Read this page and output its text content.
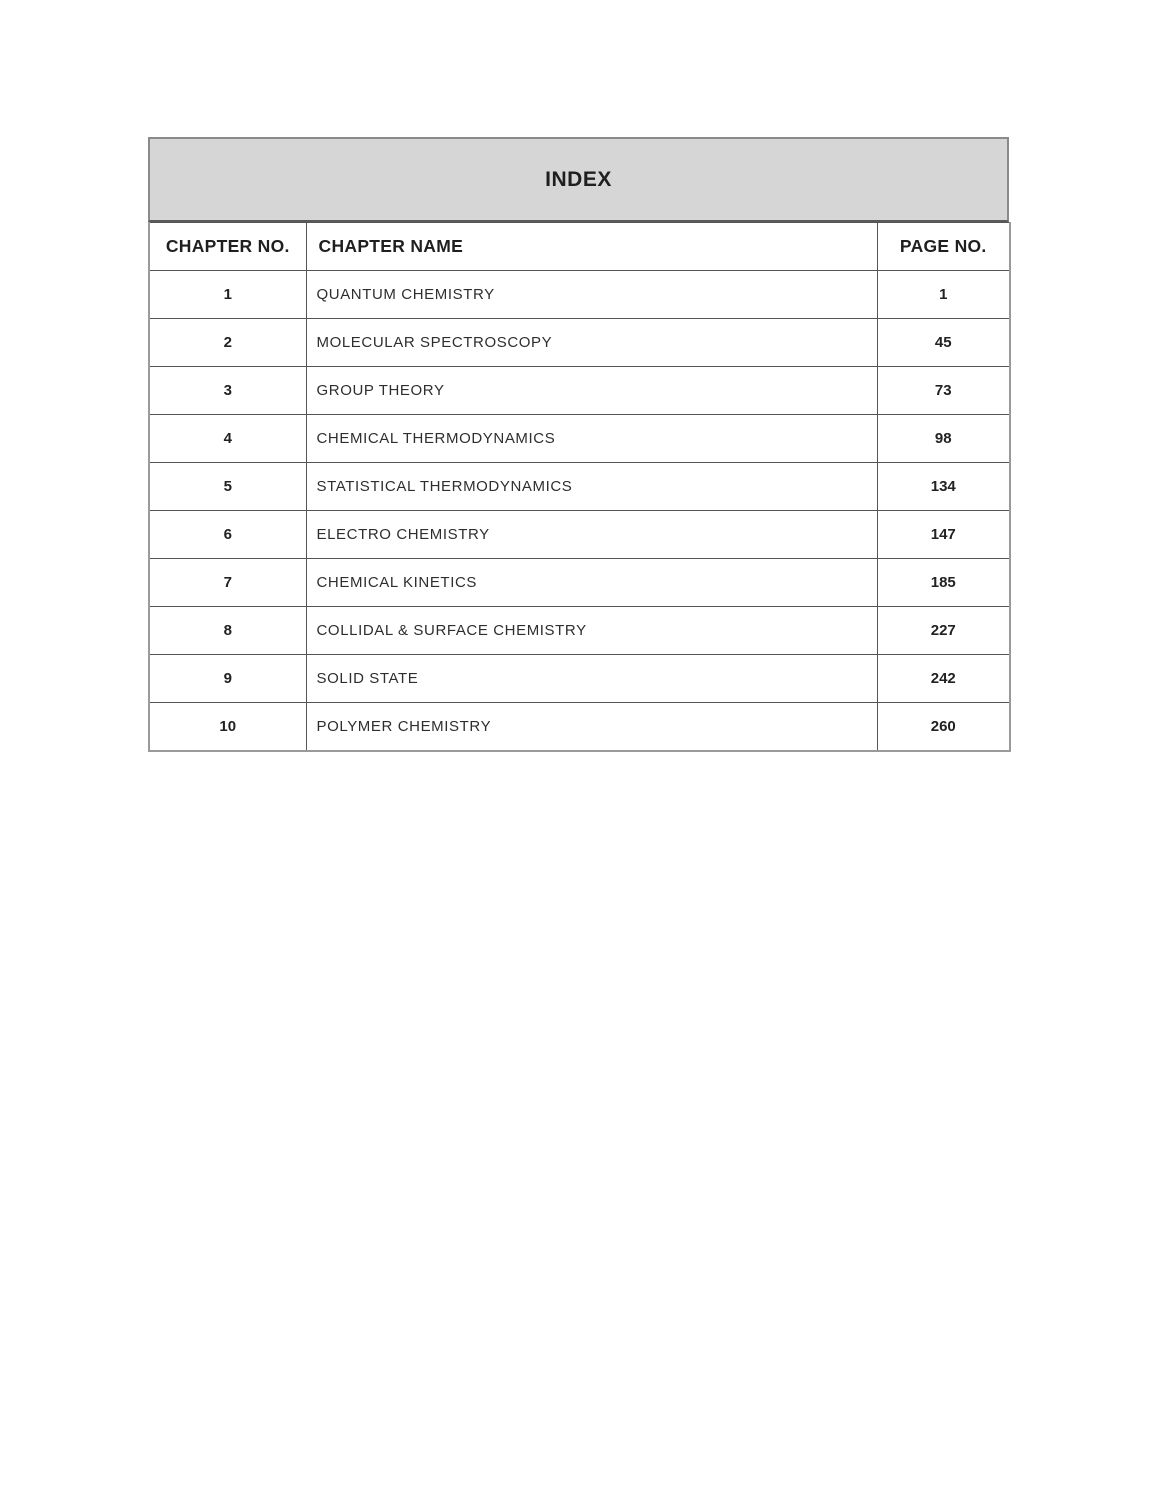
INDEX
CHAPTER NO.	CHAPTER NAME	PAGE NO.
1	QUANTUM CHEMISTRY	1
2	MOLECULAR SPECTROSCOPY	45
3	GROUP THEORY	73
4	CHEMICAL THERMODYNAMICS	98
5	STATISTICAL THERMODYNAMICS	134
6	ELECTRO CHEMISTRY	147
7	CHEMICAL KINETICS	185
8	COLLIDAL & SURFACE CHEMISTRY	227
9	SOLID STATE	242
10	POLYMER CHEMISTRY	260
